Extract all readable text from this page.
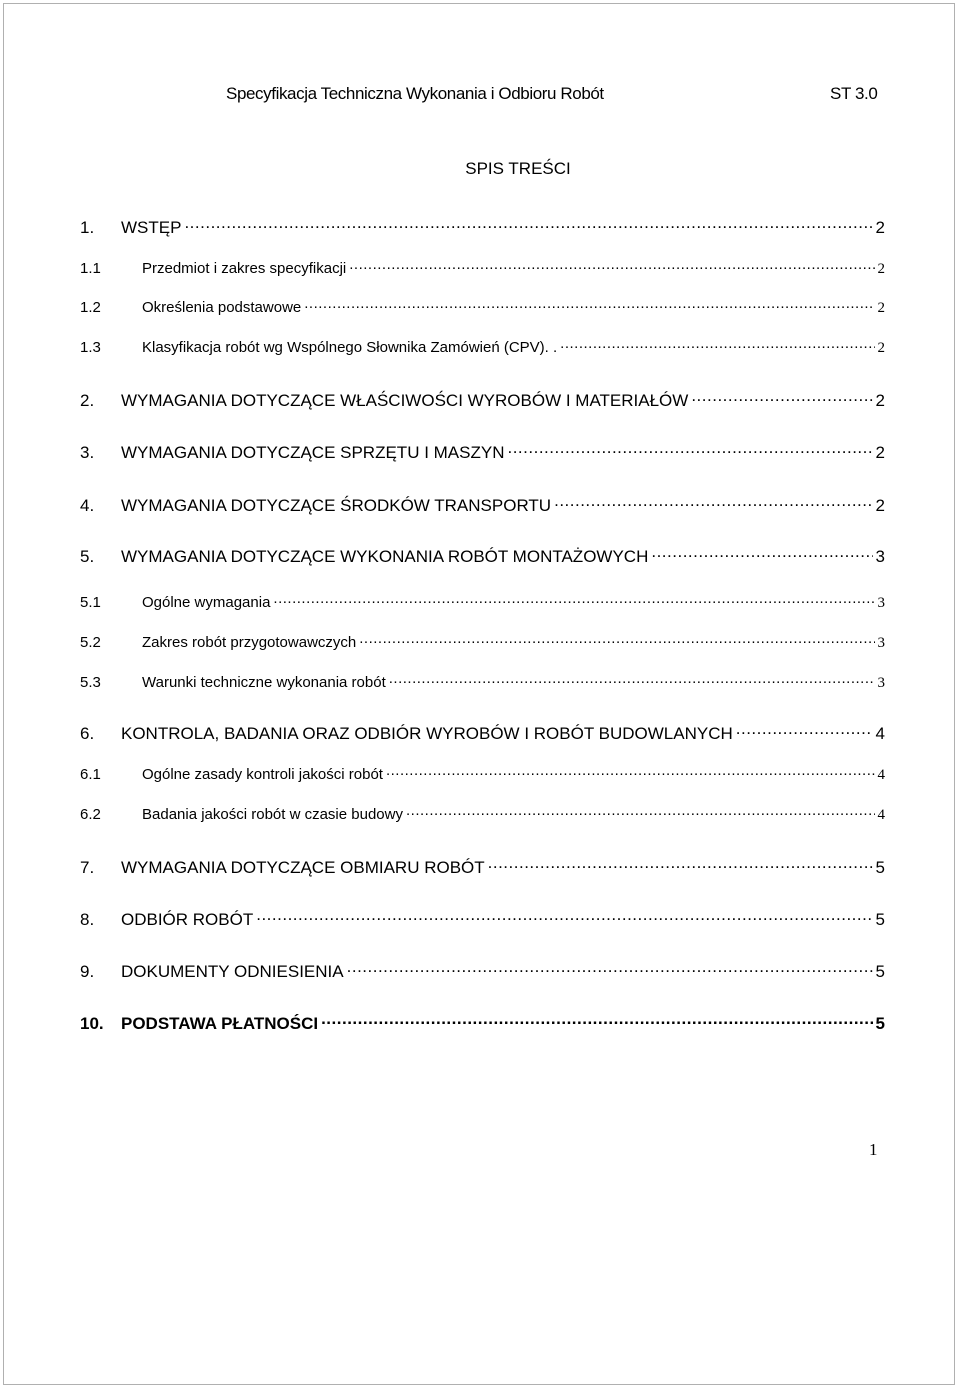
Specyfikacja Techniczna Wykonania i Odbioru Robót	ST 3.0
SPIS TREŚCI
1.	WSTĘP .....	2
1.1	Przedmiot i zakres specyfikacji .....	2
1.2	Określenia podstawowe .....	2
1.3	Klasyfikacja robót wg Wspólnego Słownika Zamówień (CPV). . .....	2
2.	WYMAGANIA DOTYCZĄCE WŁAŚCIWOŚCI WYROBÓW I MATERIAŁÓW .....	2
3.	WYMAGANIA DOTYCZĄCE SPRZĘTU I MASZYN .....	2
4.	WYMAGANIA DOTYCZĄCE ŚRODKÓW TRANSPORTU .....	2
5.	WYMAGANIA DOTYCZĄCE WYKONANIA ROBÓT MONTAŻOWYCH .....	3
5.1	Ogólne wymagania .....	3
5.2	Zakres robót przygotowawczych .....	3
5.3	Warunki techniczne wykonania robót .....	3
6.	KONTROLA, BADANIA ORAZ ODBIÓR WYROBÓW I ROBÓT BUDOWLANYCH .....	4
6.1	Ogólne zasady kontroli jakości robót .....	4
6.2	Badania jakości robót w czasie budowy .....	4
7.	WYMAGANIA DOTYCZĄCE OBMIARU ROBÓT .....	5
8.	ODBIÓR ROBÓT .....	5
9.	DOKUMENTY ODNIESIENIA .....	5
10.	PODSTAWA PŁATNOŚCI .....	5
1
